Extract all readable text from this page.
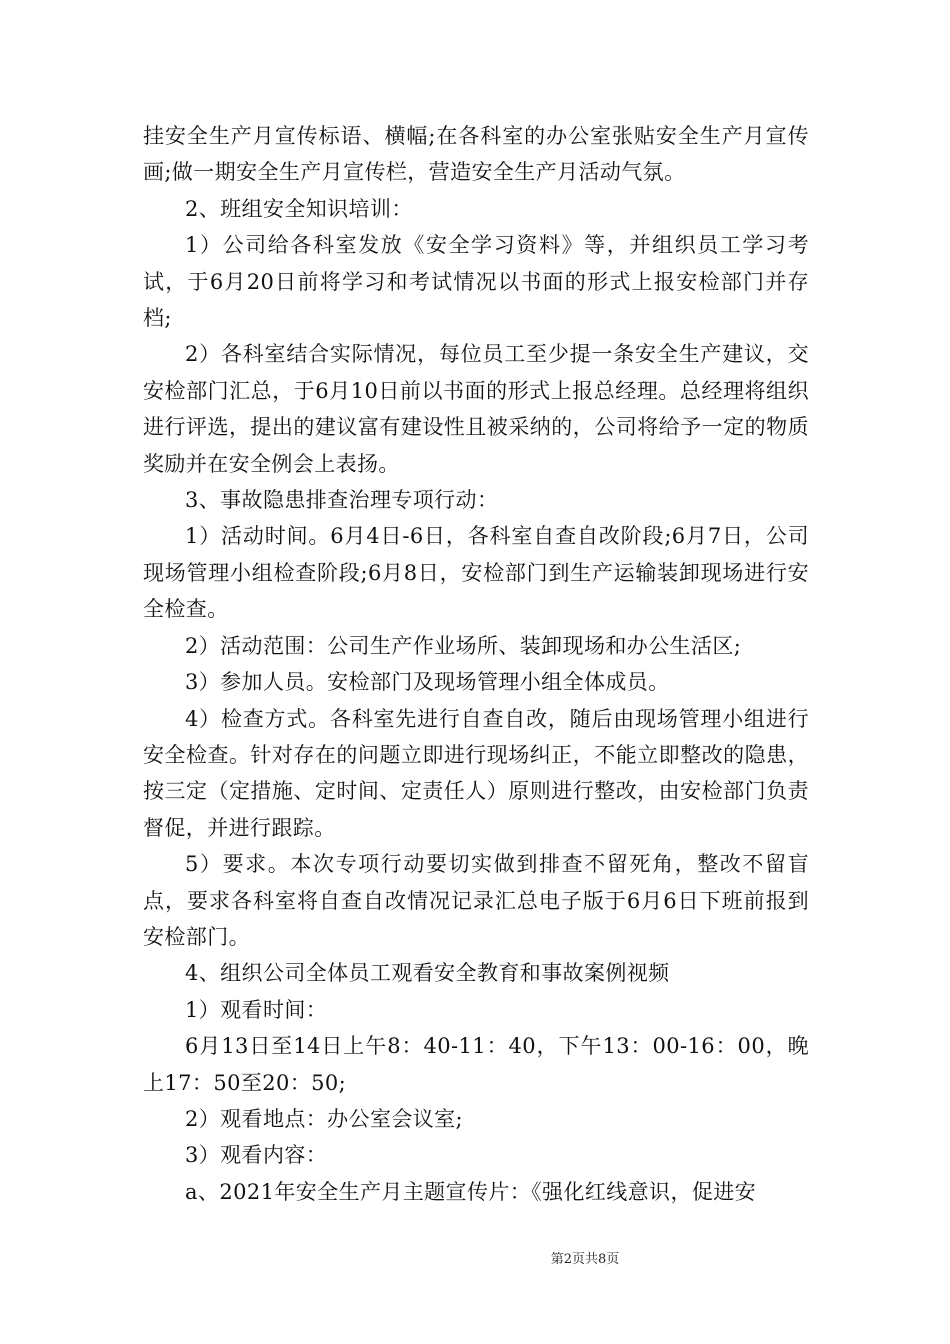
挂安全生产月宣传标语、横幅;在各科室的办公室张贴安全生产月宣传画;做一期安全生产月宣传栏，营造安全生产月活动气氛。

2、班组安全知识培训：

1）公司给各科室发放《安全学习资料》等，并组织员工学习考试，于6月20日前将学习和考试情况以书面的形式上报安检部门并存档;

2）各科室结合实际情况，每位员工至少提一条安全生产建议，交安检部门汇总，于6月10日前以书面的形式上报总经理。总经理将组织进行评选，提出的建议富有建设性且被采纳的，公司将给予一定的物质奖励并在安全例会上表扬。

3、事故隐患排查治理专项行动：

1）活动时间。6月4日-6日，各科室自查自改阶段;6月7日，公司现场管理小组检查阶段;6月8日，安检部门到生产运输装卸现场进行安全检查。

2）活动范围：公司生产作业场所、装卸现场和办公生活区;

3）参加人员。安检部门及现场管理小组全体成员。

4）检查方式。各科室先进行自查自改，随后由现场管理小组进行安全检查。针对存在的问题立即进行现场纠正，不能立即整改的隐患，按三定（定措施、定时间、定责任人）原则进行整改，由安检部门负责督促，并进行跟踪。

5）要求。本次专项行动要切实做到排查不留死角，整改不留盲点，要求各科室将自查自改情况记录汇总电子版于6月6日下班前报到安检部门。

4、组织公司全体员工观看安全教育和事故案例视频

1）观看时间：

6月13日至14日上午8：40-11：40，下午13：00-16：00，晚上17：50至20：50;

2）观看地点：办公室会议室;

3）观看内容：

a、2021年安全生产月主题宣传片：《强化红线意识，促进安

第2页共8页
